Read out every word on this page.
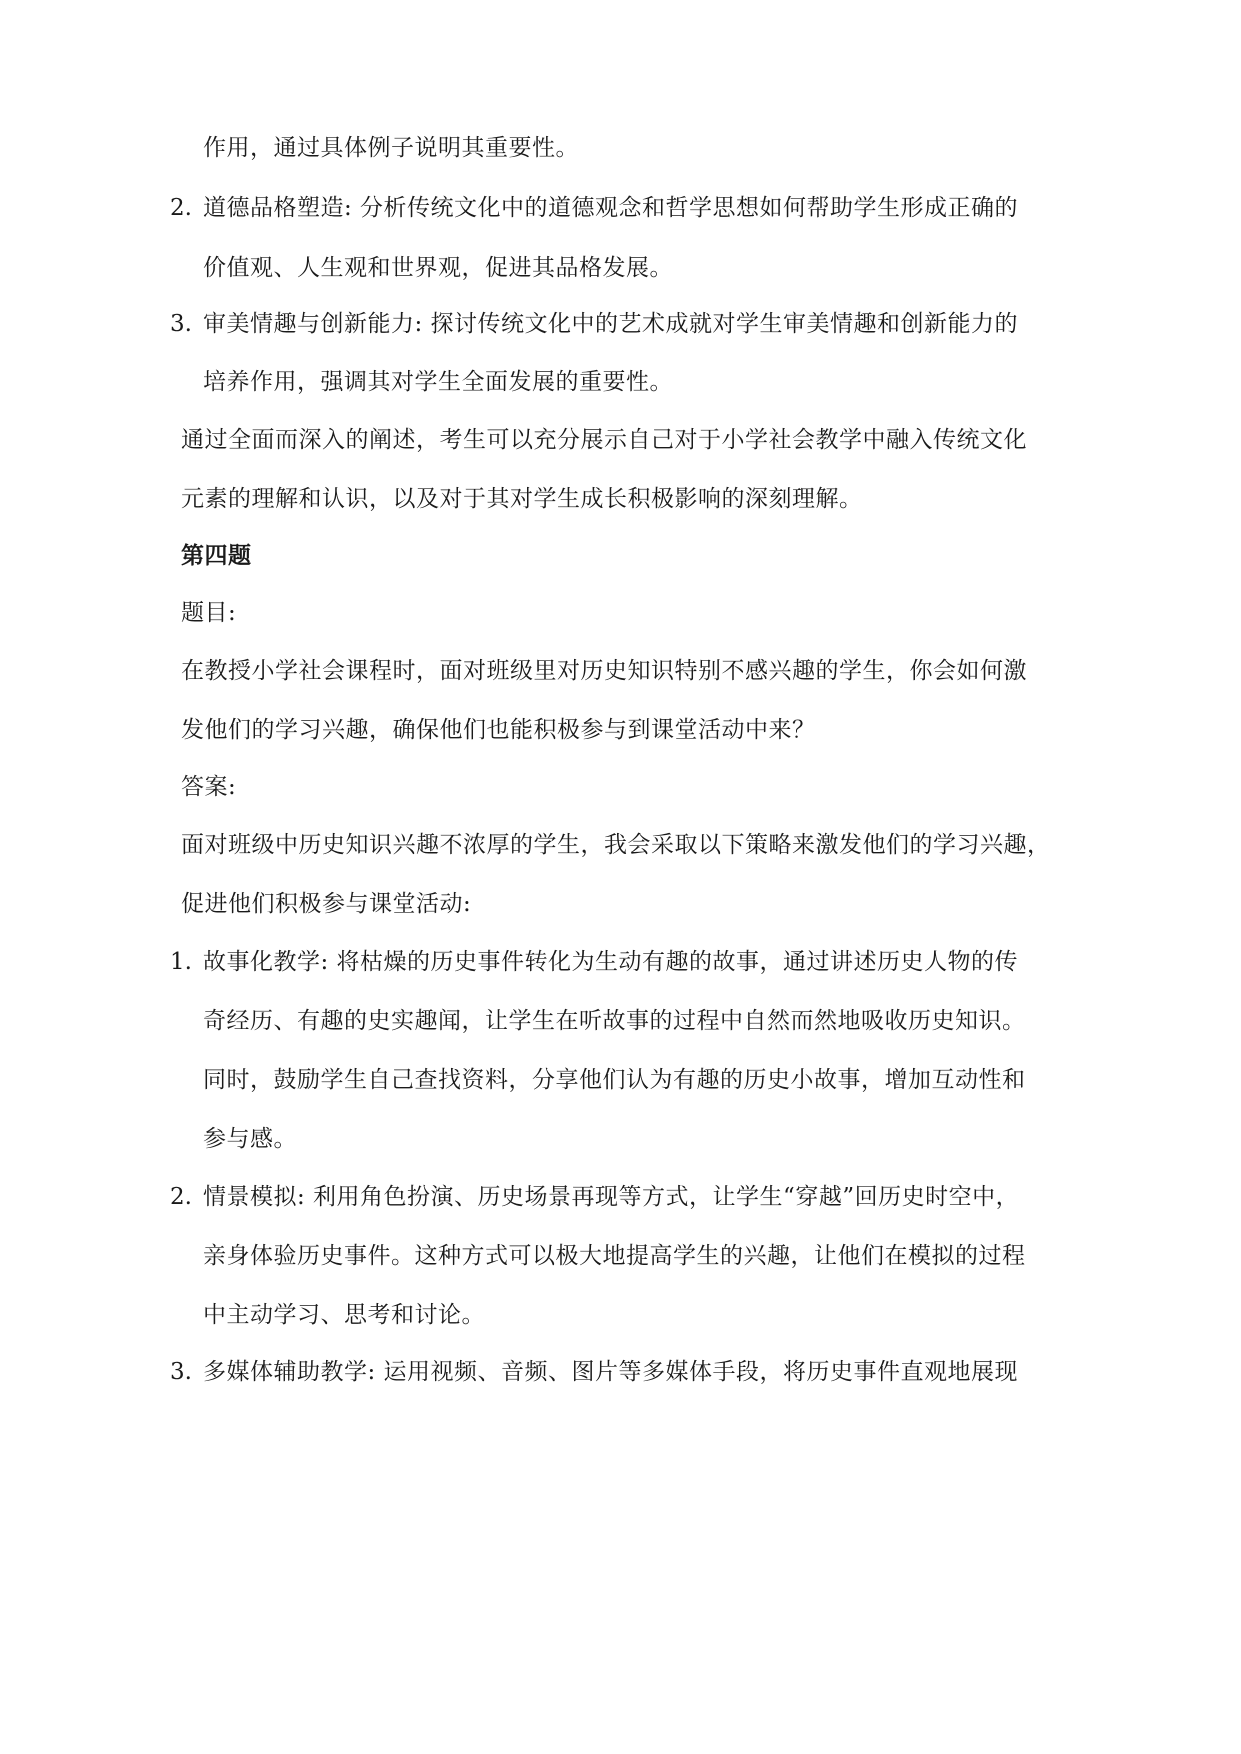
作用，通过具体例子说明其重要性。
2. 道德品格塑造: 分析传统文化中的道德观念和哲学思想如何帮助学生形成正确的
价值观、人生观和世界观，促进其品格发展。
3. 审美情趣与创新能力: 探讨传统文化中的艺术成就对学生审美情趣和创新能力的
培养作用，强调其对学生全面发展的重要性。
通过全面而深入的阐述，考生可以充分展示自己对于小学社会教学中融入传统文化
元素的理解和认识，以及对于其对学生成长积极影响的深刻理解。
第四题
题目:
在教授小学社会课程时，面对班级里对历史知识特别不感兴趣的学生，你会如何激
发他们的学习兴趣，确保他们也能积极参与到课堂活动中来？
答案:
面对班级中历史知识兴趣不浓厚的学生，我会采取以下策略来激发他们的学习兴趣，
促进他们积极参与课堂活动:
1. 故事化教学: 将枯燥的历史事件转化为生动有趣的故事，通过讲述历史人物的传
奇经历、有趣的史实趣闻，让学生在听故事的过程中自然而然地吸收历史知识。
同时，鼓励学生自己查找资料，分享他们认为有趣的历史小故事，增加互动性和
参与感。
2. 情景模拟: 利用角色扮演、历史场景再现等方式，让学生“穿越”回历史时空中，
亲身体验历史事件。这种方式可以极大地提高学生的兴趣，让他们在模拟的过程
中主动学习、思考和讨论。
3. 多媒体辅助教学: 运用视频、音频、图片等多媒体手段，将历史事件直观地展现
